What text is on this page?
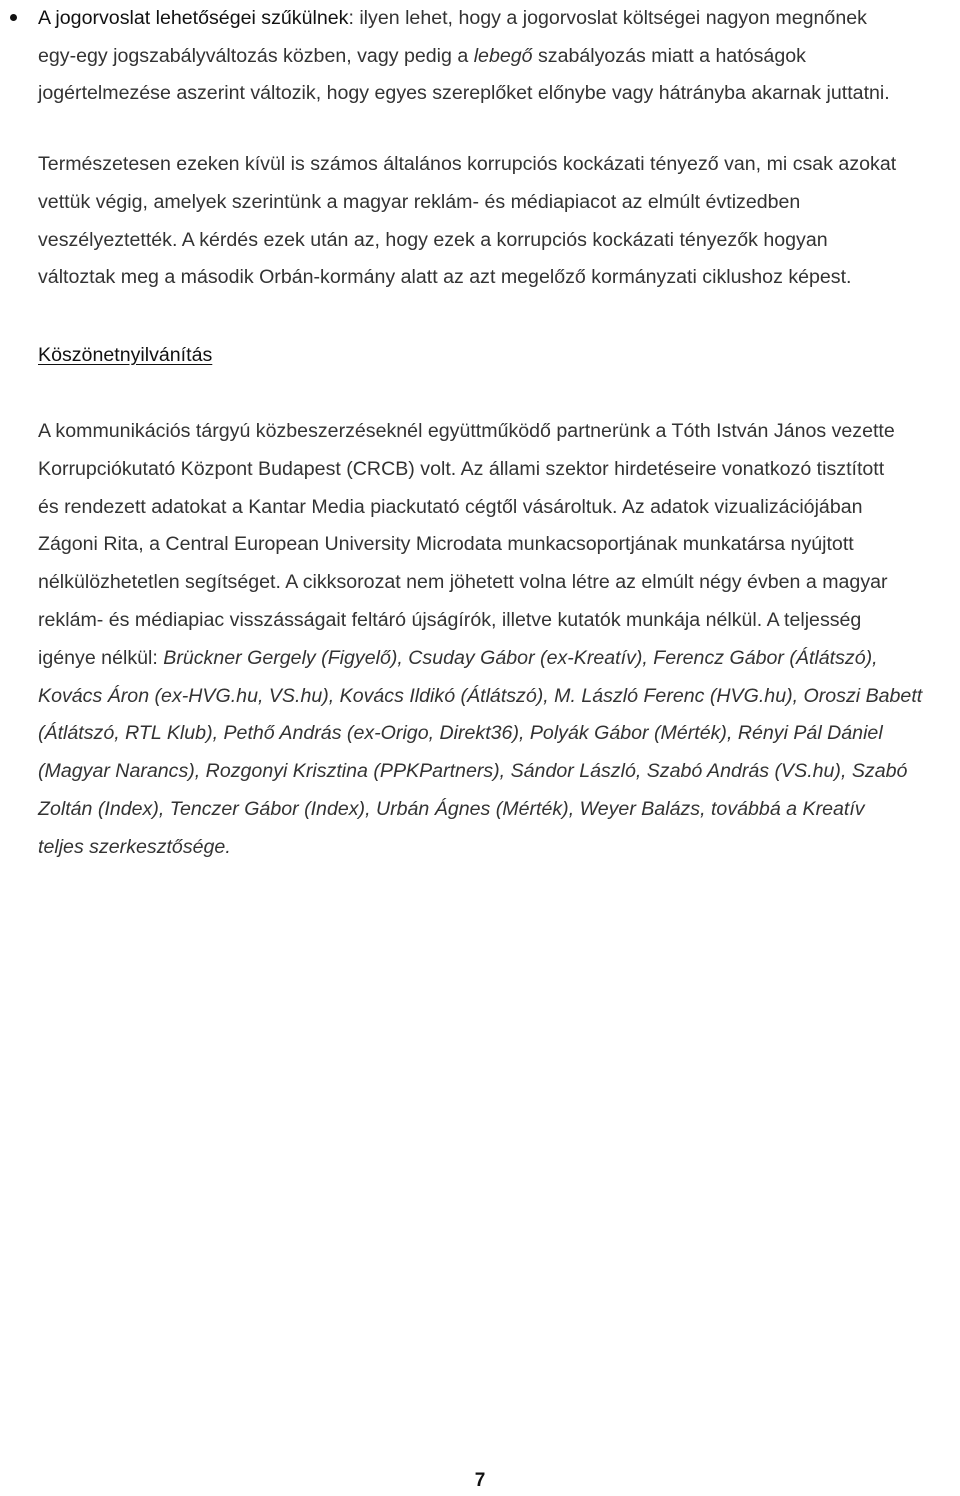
A jogorvoslat lehetőségei szűkülnek: ilyen lehet, hogy a jogorvoslat költségei nagyon megnőnek
egy-egy jogszabályváltozás közben, vagy pedig a lebegő szabályozás miatt a hatóságok
jogértelmezése aszerint változik, hogy egyes szereplőket előnybe vagy hátrányba akarnak juttatni.
Természetesen ezeken kívül is számos általános korrupciós kockázati tényező van, mi csak azokat
vettük végig, amelyek szerintünk a magyar reklám- és médiapiacot az elmúlt évtizedben
veszélyeztették. A kérdés ezek után az, hogy ezek a korrupciós kockázati tényezők hogyan
változtak meg a második Orbán-kormány alatt az azt megelőző kormányzati ciklushoz képest.
Köszönetnyilvánítás
A kommunikációs tárgyú közbeszerzéseknél együttműködő partnerünk a Tóth István János vezette
Korrupciókutató Központ Budapest (CRCB) volt. Az állami szektor hirdetéseire vonatkozó tisztított
és rendezett adatokat a Kantar Media piackutató cégtől vásároltuk. Az adatok vizualizációjában
Zágoni Rita, a Central European University Microdata munkacsoportjának munkatársa nyújtott
nélkülözhetetlen segítséget. A cikksorozat nem jöhetett volna létre az elmúlt négy évben a magyar
reklám- és médiapiac visszásságait feltáró újságírók, illetve kutatók munkája nélkül. A teljesség
igénye nélkül: Brückner Gergely (Figyelő), Csuday Gábor (ex-Kreatív), Ferencz Gábor (Átlátszó),
Kovács Áron (ex-HVG.hu, VS.hu), Kovács Ildikó (Átlátszó), M. László Ferenc (HVG.hu), Oroszi Babett
(Átlátszó, RTL Klub), Pethő András (ex-Origo, Direkt36), Polyák Gábor (Mérték), Rényi Pál Dániel
(Magyar Narancs), Rozgonyi Krisztina (PPKPartners), Sándor László, Szabó András (VS.hu), Szabó
Zoltán (Index), Tenczer Gábor (Index), Urbán Ágnes (Mérték), Weyer Balázs, továbbá a Kreatív
teljes szerkesztősége.
7
